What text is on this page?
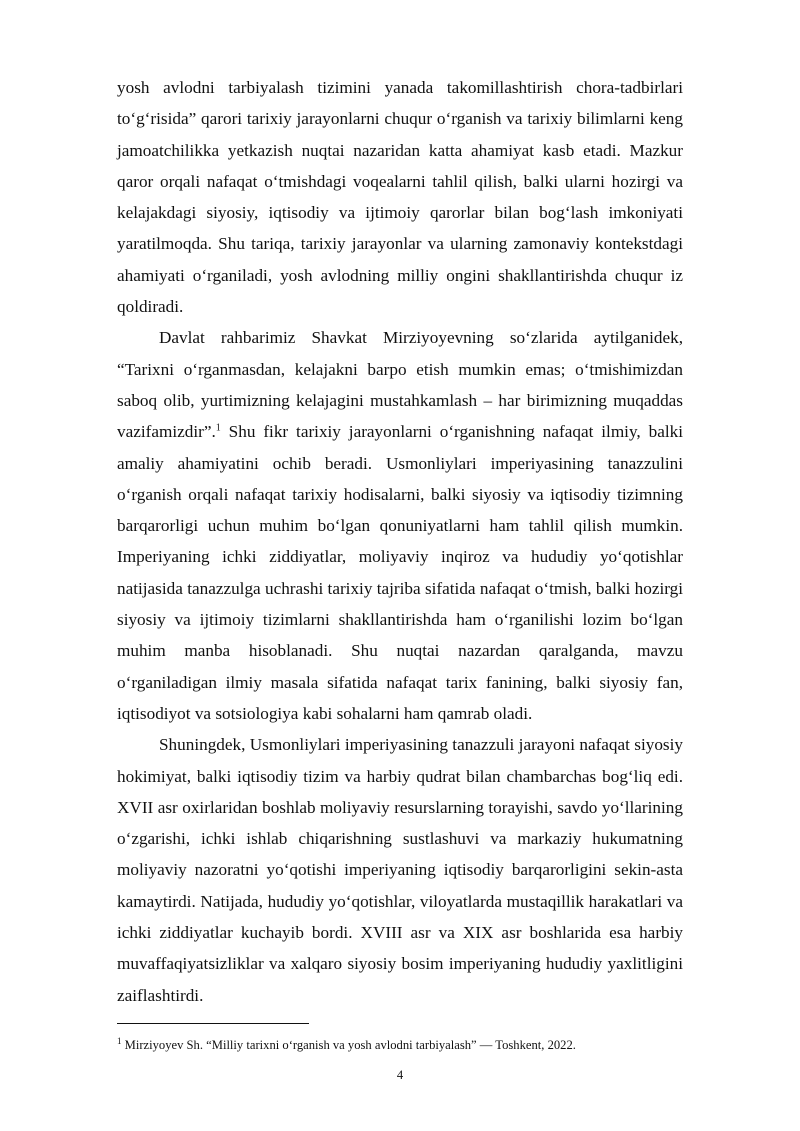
yosh avlodni tarbiyalash tizimini yanada takomillashtirish chora-tadbirlari to‘g‘risida” qarori tarixiy jarayonlarni chuqur o‘rganish va tarixiy bilimlarni keng jamoatchilikka yetkazish nuqtai nazaridan katta ahamiyat kasb etadi. Mazkur qaror orqali nafaqat o‘tmishdagi voqealarni tahlil qilish, balki ularni hozirgi va kelajakdagi siyosiy, iqtisodiy va ijtimoiy qarorlar bilan bog‘lash imkoniyati yaratilmoqda. Shu tariqa, tarixiy jarayonlar va ularning zamonaviy kontekstdagi ahamiyati o‘rganiladi, yosh avlodning milliy ongini shakllantirishda chuqur iz qoldiradi.

Davlat rahbarimiz Shavkat Mirziyoyevning so‘zlarida aytilganidek, “Tarixni o‘rganmasdan, kelajakni barpo etish mumkin emas; o‘tmishimizdan saboq olib, yurtimizning kelajagini mustahkamlash – har birimizning muqaddas vazifamizdir”.$^1$ Shu fikr tarixiy jarayonlarni o‘rganishning nafaqat ilmiy, balki amaliy ahamiyatini ochib beradi. Usmonliylari imperiyasining tanazzulini o‘rganish orqali nafaqat tarixiy hodisalarni, balki siyosiy va iqtisodiy tizimning barqarorligi uchun muhim bo‘lgan qonuniyatlarni ham tahlil qilish mumkin. Imperiyaning ichki ziddiyatlar, moliyaviy inqiroz va hududiy yo‘qotishlar natijasida tanazzulga uchrashi tarixiy tajriba sifatida nafaqat o‘tmish, balki hozirgi siyosiy va ijtimoiy tizimlarni shakllantirishda ham o‘rganilishi lozim bo‘lgan muhim manba hisoblanadi. Shu nuqtai nazardan qaralganda, mavzu o‘rganiladigan ilmiy masala sifatida nafaqat tarix fanining, balki siyosiy fan, iqtisodiyot va sotsiologiya kabi sohalarni ham qamrab oladi.

Shuningdek, Usmonliylari imperiyasining tanazzuli jarayoni nafaqat siyosiy hokimiyat, balki iqtisodiy tizim va harbiy qudrat bilan chambarchas bog‘liq edi. XVII asr oxirlaridan boshlab moliyaviy resurslarning torayishi, savdo yo‘llarining o‘zgarishi, ichki ishlab chiqarishning sustlashuvi va markaziy hukumatning moliyaviy nazoratni yo‘qotishi imperiyaning iqtisodiy barqarorligini sekin-asta kamaytirdi. Natijada, hududiy yo‘qotishlar, viloyatlarda mustaqillik harakatlari va ichki ziddiyatlar kuchayib bordi. XVIII asr va XIX asr boshlarida esa harbiy muvaffaqiyatsizliklar va xalqaro siyosiy bosim imperiyaning hududiy yaxlitligini zaiflashtirdi.

$^1$ Mirziyoyev Sh. “Milliy tarixni o‘rganish va yosh avlodni tarbiyalash” — Toshkent, 2022.
4
